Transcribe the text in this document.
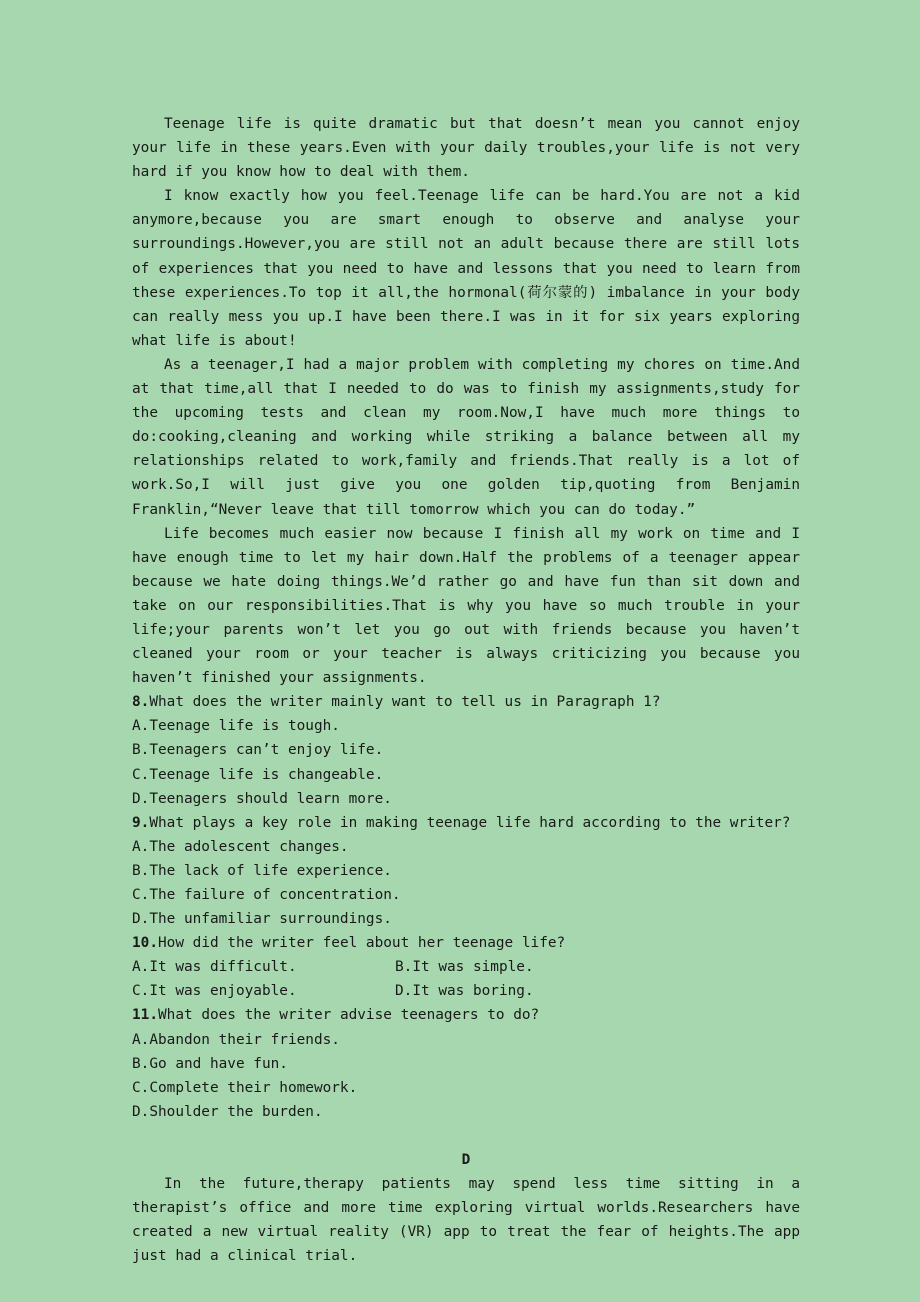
Teenage life is quite dramatic but that doesn’t mean you cannot enjoy your life in these years.Even with your daily troubles,your life is not very hard if you know how to deal with them.

I know exactly how you feel.Teenage life can be hard.You are not a kid anymore,because you are smart enough to observe and analyse your surroundings.However,you are still not an adult because there are still lots of experiences that you need to have and lessons that you need to learn from these experiences.To top it all,the hormonal(荷尔蒙的) imbalance in your body can really mess you up.I have been there.I was in it for six years exploring what life is about!

As a teenager,I had a major problem with completing my chores on time.And at that time,all that I needed to do was to finish my assignments,study for the upcoming tests and clean my room.Now,I have much more things to do:cooking,cleaning and working while striking a balance between all my relationships related to work,family and friends.That really is a lot of work.So,I will just give you one golden tip,quoting from Benjamin Franklin,“Never leave that till tomorrow which you can do today.”

Life becomes much easier now because I finish all my work on time and I have enough time to let my hair down.Half the problems of a teenager appear because we hate doing things.We’d rather go and have fun than sit down and take on our responsibilities.That is why you have so much trouble in your life;your parents won’t let you go out with friends because you haven’t cleaned your room or your teacher is always criticizing you because you haven’t finished your assignments.

8.What does the writer mainly want to tell us in Paragraph 1?

A.Teenage life is tough.

B.Teenagers can’t enjoy life.

C.Teenage life is changeable.

D.Teenagers should learn more.

9.What plays a key role in making teenage life hard according to the writer?

A.The adolescent changes.

B.The lack of life experience.

C.The failure of concentration.

D.The unfamiliar surroundings.

10.How did the writer feel about her teenage life?

A.It was difficult.	B.It was simple.
C.It was enjoyable.	D.It was boring.

11.What does the writer advise teenagers to do?

A.Abandon their friends.

B.Go and have fun.

C.Complete their homework.

D.Shoulder the burden.

D

In the future,therapy patients may spend less time sitting in a therapist’s office and more time exploring virtual worlds.Researchers have created a new virtual reality (VR) app to treat the fear of heights.The app just had a clinical trial.
